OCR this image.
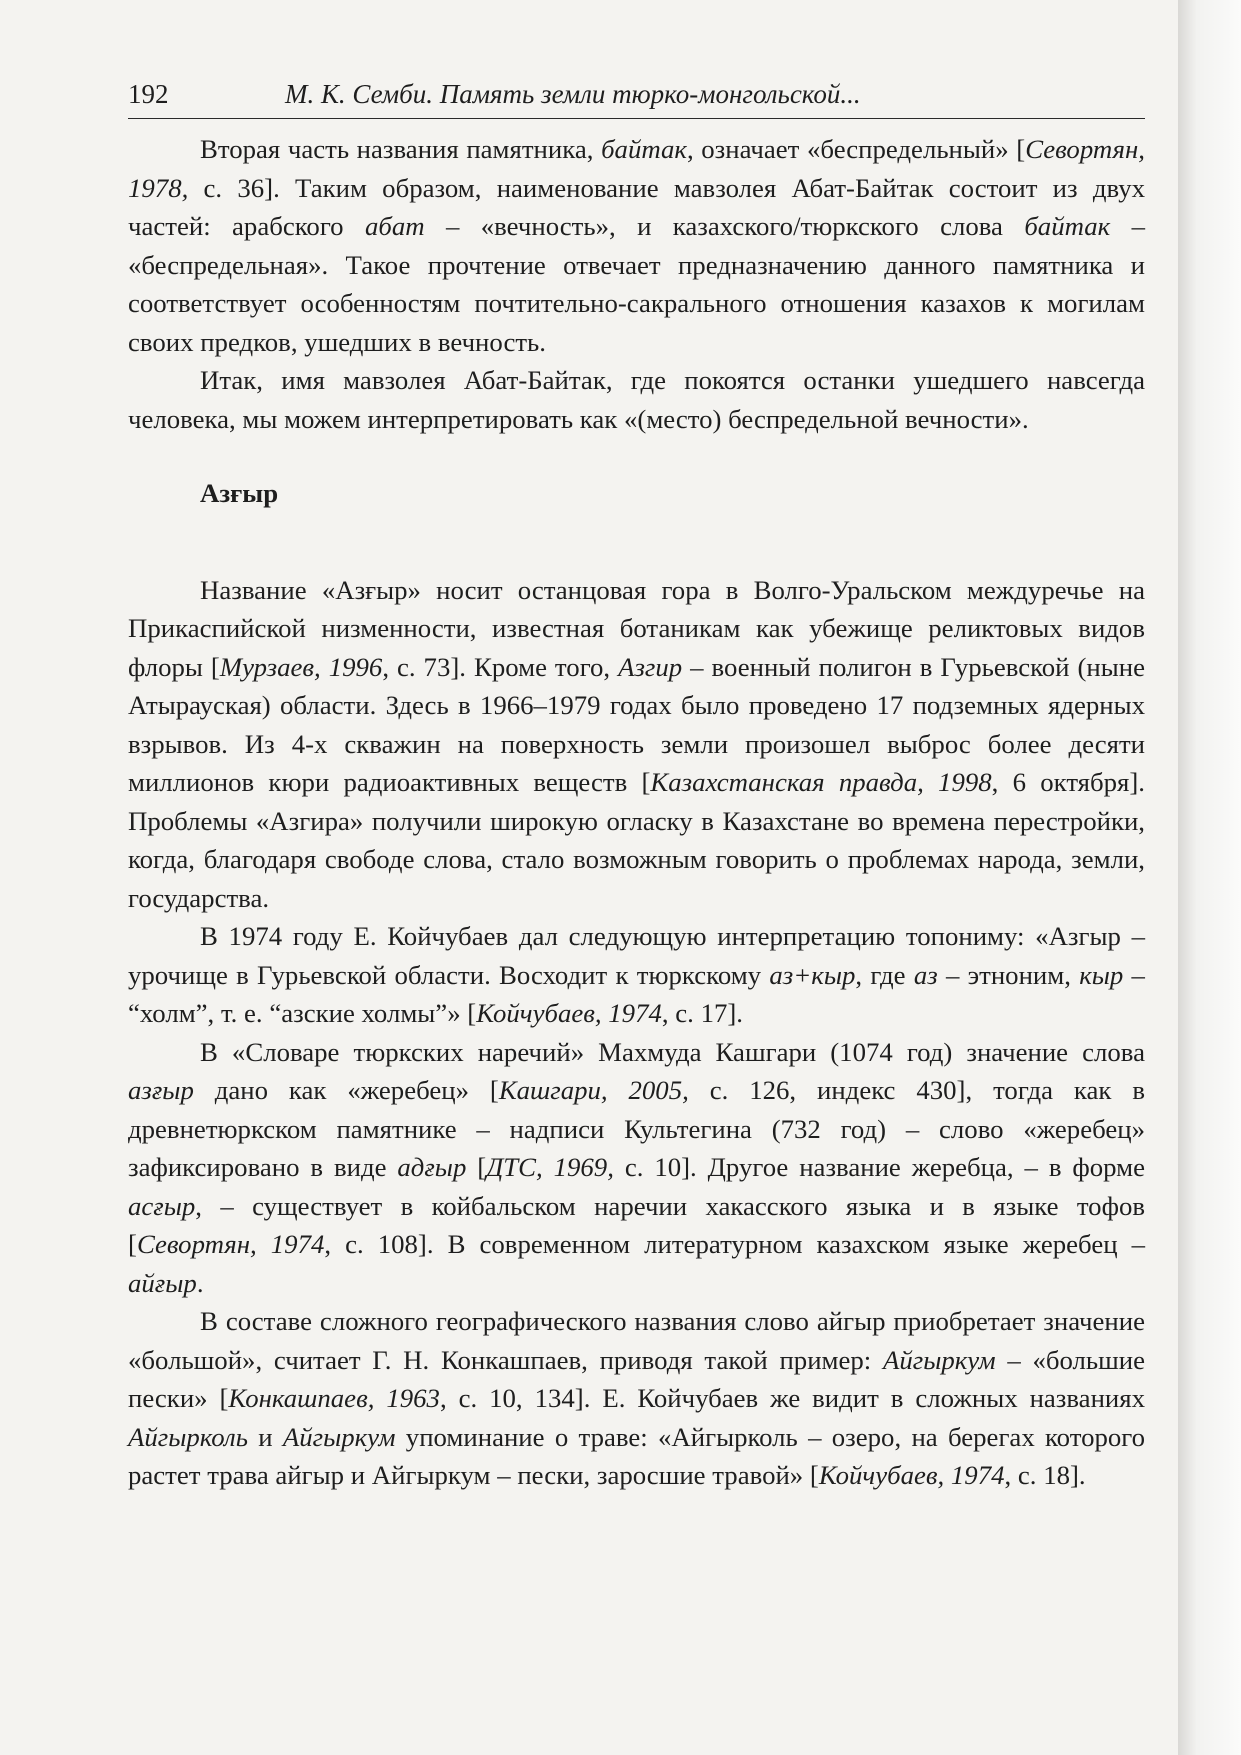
192	М. К. Семби. Память земли тюрко-монгольской...

Вторая часть названия памятника, байтак, означает «беспредельный» [Севортян, 1978, с. 36]. Таким образом, наименование мавзолея Абат-Байтак состоит из двух частей: арабского абат – «вечность», и казахского/тюркского слова байтак – «беспредельная». Такое прочтение отвечает предназначению данного памятника и соответствует особенностям почтительно-сакрального отношения казахов к могилам своих предков, ушедших в вечность.

Итак, имя мавзолея Абат-Байтак, где покоятся останки ушедшего навсегда человека, мы можем интерпретировать как «(место) беспредельной вечности».

Азғыр

Название «Азғыр» носит останцовая гора в Волго-Уральском междуречье на Прикаспийской низменности, известная ботаникам как убежище реликтовых видов флоры [Мурзаев, 1996, с. 73]. Кроме того, Азгир – военный полигон в Гурьевской (ныне Атырауская) области. Здесь в 1966–1979 годах было проведено 17 подземных ядерных взрывов. Из 4-х скважин на поверхность земли произошел выброс более десяти миллионов кюри радиоактивных веществ [Казахстанская правда, 1998, 6 октября]. Проблемы «Азгира» получили широкую огласку в Казахстане во времена перестройки, когда, благодаря свободе слова, стало возможным говорить о проблемах народа, земли, государства.

В 1974 году Е. Койчубаев дал следующую интерпретацию топониму: «Азгыр – урочище в Гурьевской области. Восходит к тюркскому аз+кыр, где аз – этноним, кыр – “холм”, т. е. “азские холмы”» [Койчубаев, 1974, с. 17].

В «Словаре тюркских наречий» Махмуда Кашгари (1074 год) значение слова азғыр дано как «жеребец» [Кашгари, 2005, с. 126, индекс 430], тогда как в древнетюркском памятнике – надписи Культегина (732 год) – слово «жеребец» зафиксировано в виде адғыр [ДТС, 1969, с. 10]. Другое название жеребца, – в форме асғыр, – существует в койбальском наречии хакасского языка и в языке тофов [Севортян, 1974, с. 108]. В современном литературном казахском языке жеребец – айғыр.

В составе сложного географического названия слово айгыр приобретает значение «большой», считает Г. Н. Конкашпаев, приводя такой пример: Айгыркум – «большие пески» [Конкашпаев, 1963, с. 10, 134]. Е. Койчубаев же видит в сложных названиях Айгырколь и Айгыркум упоминание о траве: «Айгырколь – озеро, на берегах которого растет трава айгыр и Айгыркум – пески, заросшие травой» [Койчубаев, 1974, с. 18].
